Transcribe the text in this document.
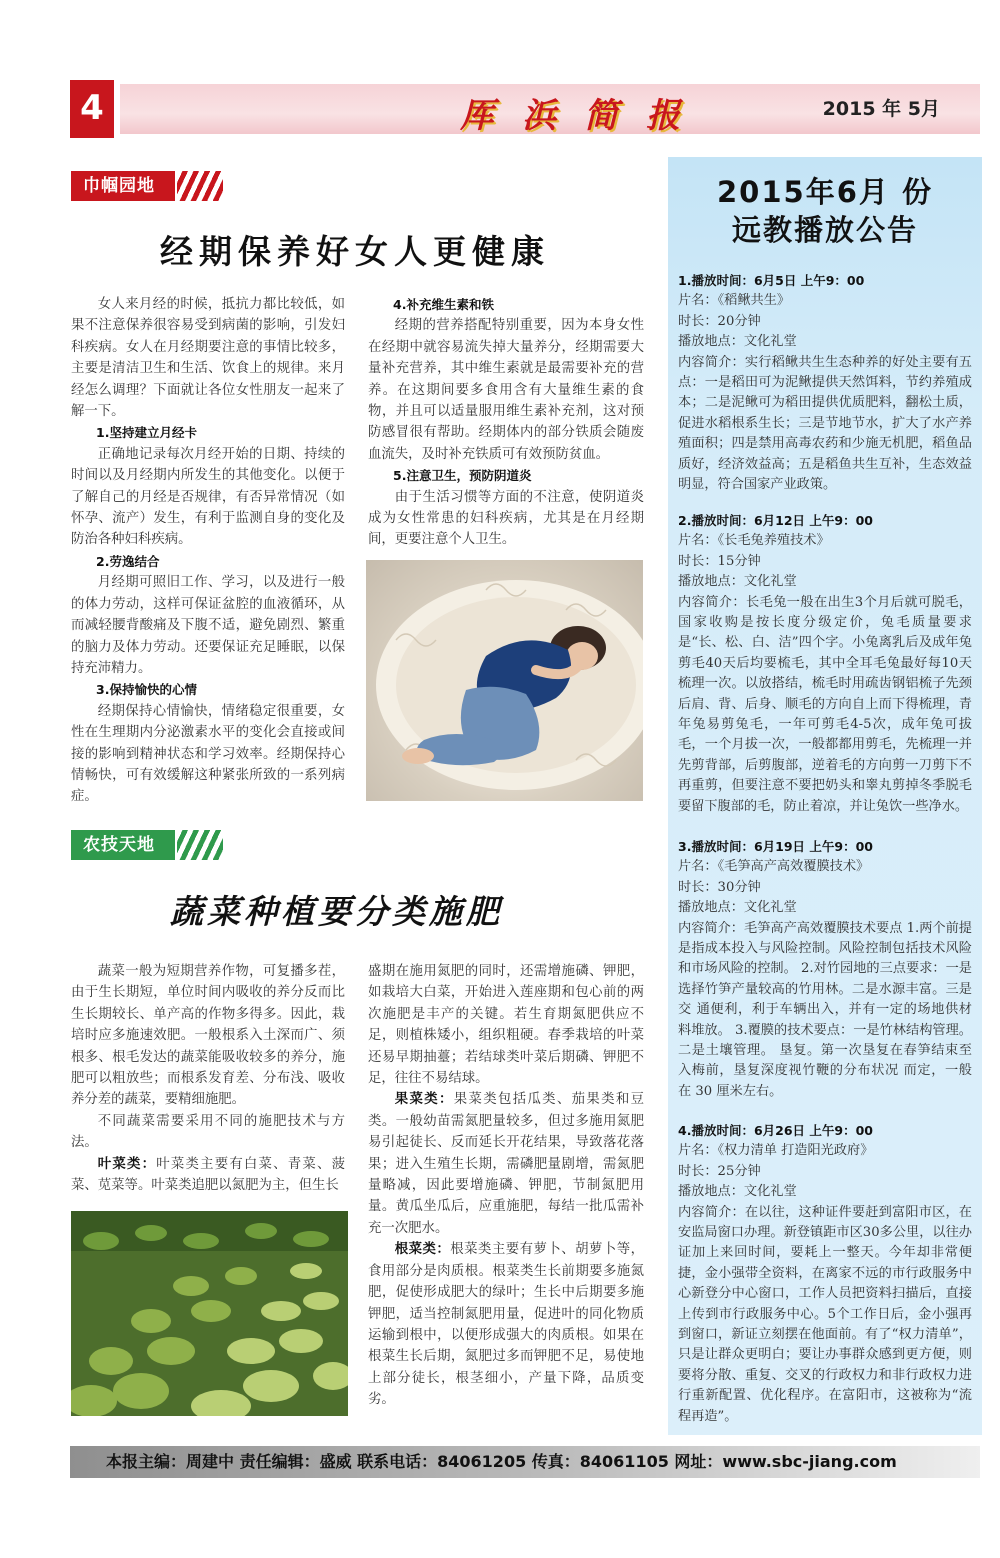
4	厍浜简报	2015 年 5月
巾帼园地
经期保养好女人更健康

女人来月经的时候，抵抗力都比较低，如果不注意保养很容易受到病菌的影响，引发妇科疾病。女人在月经期要注意的事情比较多，主要是清洁卫生和生活、饮食上的规律。来月经怎么调理？下面就让各位女性朋友一起来了解一下。

1.坚持建立月经卡

正确地记录每次月经开始的日期、持续的时间以及月经期内所发生的其他变化。以便于了解自己的月经是否规律，有否异常情况（如怀孕、流产）发生，有利于监测自身的变化及防治各种妇科疾病。

2.劳逸结合

月经期可照旧工作、学习，以及进行一般的体力劳动，这样可保证盆腔的血液循环，从而减轻腰背酸痛及下腹不适，避免剧烈、繁重的脑力及体力劳动。还要保证充足睡眠，以保持充沛精力。

3.保持愉快的心情

经期保持心情愉快，情绪稳定很重要，女性在生理期内分泌激素水平的变化会直接或间接的影响到精神状态和学习效率。经期保持心情畅快，可有效缓解这种紧张所致的一系列病症。

4.补充维生素和铁

经期的营养搭配特别重要，因为本身女性在经期中就容易流失掉大量养分，经期需要大量补充营养，其中维生素就是最需要补充的营养。在这期间要多食用含有大量维生素的食物，并且可以适量服用维生素补充剂，这对预防感冒很有帮助。经期体内的部分铁质会随废血流失，及时补充铁质可有效预防贫血。

5.注意卫生，预防阴道炎

由于生活习惯等方面的不注意，使阴道炎成为女性常患的妇科疾病，尤其是在月经期间，更要注意个人卫生。

农技天地
蔬菜种植要分类施肥

蔬菜一般为短期营养作物，可复播多茬，由于生长期短，单位时间内吸收的养分反而比生长期较长、单产高的作物多得多。因此，栽培时应多施速效肥。一般根系入土深而广、须根多、根毛发达的蔬菜能吸收较多的养分，施肥可以粗放些；而根系发育差、分布浅、吸收养分差的蔬菜，要精细施肥。

不同蔬菜需要采用不同的施肥技术与方法。

叶菜类：叶菜类主要有白菜、青菜、菠菜、苋菜等。叶菜类追肥以氮肥为主，但生长

盛期在施用氮肥的同时，还需增施磷、钾肥，如栽培大白菜，开始进入莲座期和包心前的两次施肥是丰产的关键。若生育期氮肥供应不足，则植株矮小，组织粗硬。春季栽培的叶菜还易早期抽薹；若结球类叶菜后期磷、钾肥不足，往往不易结球。

果菜类：果菜类包括瓜类、茄果类和豆类。一般幼苗需氮肥量较多，但过多施用氮肥易引起徒长、反而延长开花结果，导致落花落果；进入生殖生长期，需磷肥量剧增，需氮肥量略减，因此要增施磷、钾肥，节制氮肥用量。黄瓜坐瓜后，应重施肥，每结一批瓜需补充一次肥水。

根菜类：根菜类主要有萝卜、胡萝卜等，食用部分是肉质根。根菜类生长前期要多施氮肥，促使形成肥大的绿叶；生长中后期要多施钾肥，适当控制氮肥用量，促进叶的同化物质运输到根中，以便形成强大的肉质根。如果在根菜生长后期，氮肥过多而钾肥不足，易使地上部分徒长，根茎细小，产量下降，品质变劣。

2015年6月 份
远教播放公告
1.播放时间：6月5日 上午9：00
片名：《稻鳅共生》
时长：20分钟
播放地点：文化礼堂
内容简介：实行稻鳅共生生态种养的好处主要有五点：一是稻田可为泥鳅提供天然饵料，节约养殖成本；二是泥鳅可为稻田提供优质肥料，翻松土质，促进水稻根系生长；三是节地节水，扩大了水产养殖面积；四是禁用高毒农药和少施无机肥，稻鱼品质好，经济效益高；五是稻鱼共生互补，生态效益明显，符合国家产业政策。
2.播放时间：6月12日 上午9：00
片名：《长毛兔养殖技术》
时长：15分钟
播放地点：文化礼堂
内容简介：长毛兔一般在出生3个月后就可脱毛，国家收购是按长度分级定价，兔毛质量要求是“长、松、白、洁”四个字。小兔离乳后及成年兔剪毛40天后均要梳毛，其中全耳毛兔最好每10天梳理一次。以放搭结，梳毛时用疏齿钢铝梳子先颈后肩、背、后身、顺毛的方向自上而下得梳理，青年兔易剪兔毛，一年可剪毛4-5次，成年兔可拔毛，一个月拔一次，一般都都用剪毛，先梳理一并先剪背部，后剪腹部，逆着毛的方向剪一刀剪下不再重剪，但要注意不要把奶头和睾丸剪掉冬季脱毛要留下腹部的毛，防止着凉，并让兔饮一些净水。
3.播放时间：6月19日 上午9：00
片名：《毛笋高产高效覆膜技术》
时长：30分钟
播放地点：文化礼堂
内容简介：毛笋高产高效覆膜技术要点 1.两个前提是指成本投入与风险控制。风险控制包括技术风险和市场风险的控制。 2.对竹园地的三点要求：一是选择竹笋产量较高的竹用林。二是水源丰富。三是交 通便利，利于车辆出入，并有一定的场地供材料堆放。 3.覆膜的技术要点：一是竹林结构管理。二是土壤管理。 垦复。第一次垦复在春笋结束至入梅前，垦复深度视竹鞭的分布状况 而定，一般在 30 厘米左右。
4.播放时间：6月26日 上午9：00
片名：《权力清单 打造阳光政府》
时长：25分钟
播放地点：文化礼堂
内容简介：在以往，这种证件要赶到富阳市区，在安监局窗口办理。新登镇距市区30多公里，以往办证加上来回时间，要耗上一整天。今年却非常便捷，金小强带全资料，在离家不远的市行政服务中心新登分中心窗口，工作人员把资料扫描后，直接上传到市行政服务中心。5个工作日后，金小强再到窗口，新证立刻摆在他面前。有了“权力清单”，只是让群众更明白；要让办事群众感到更方便，则要将分散、重复、交叉的行政权力和非行政权力进行重新配置、优化程序。在富阳市，这被称为“流程再造”。
本报主编：周建中 责任编辑：盛威 联系电话：84061205 传真：84061105 网址：www.sbc-jiang.com
